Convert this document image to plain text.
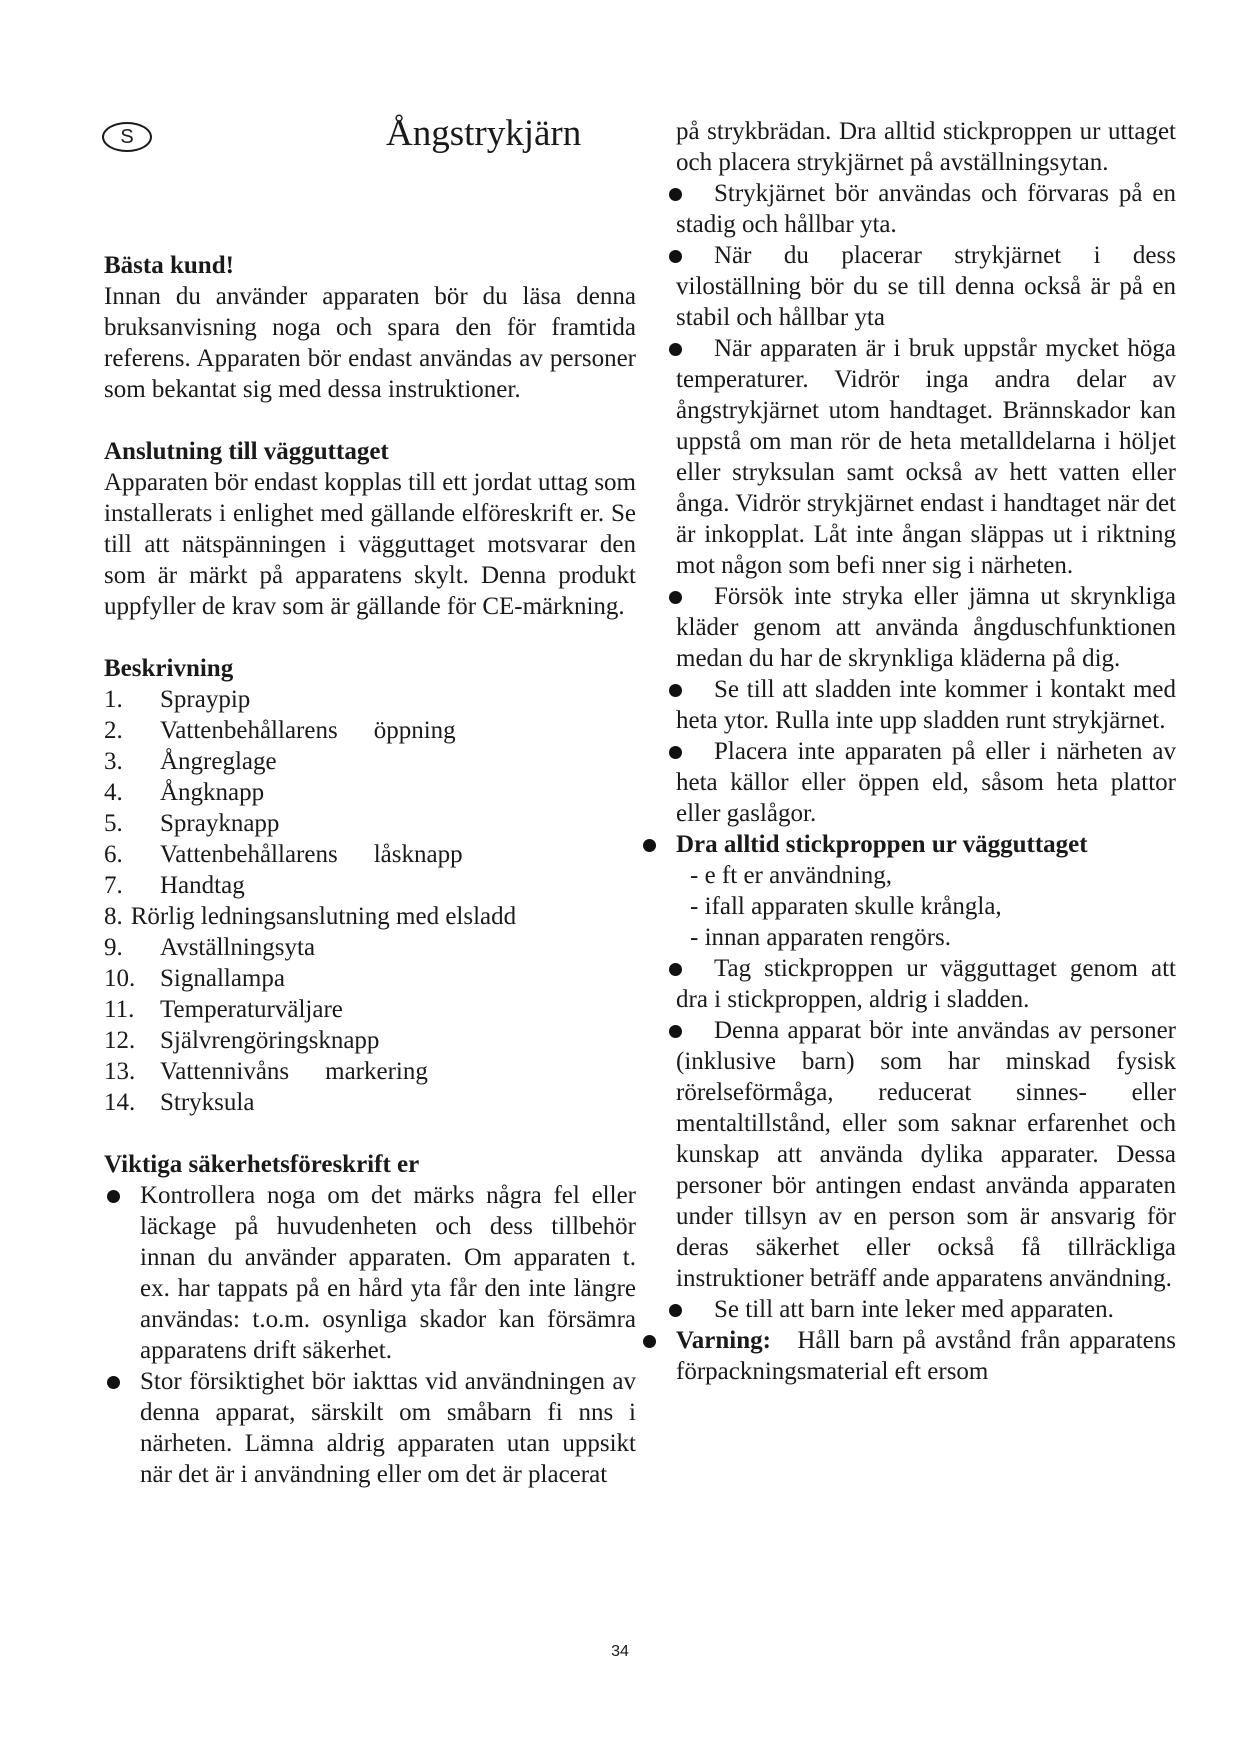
S	Ångstrykjärn
Bästa kund!

Innan du använder apparaten bör du läsa denna bruksanvisning noga och spara den för framtida referens. Apparaten bör endast användas av personer som bekantat sig med dessa instruktioner.

Anslutning till vägguttaget

Apparaten bör endast kopplas till ett jordat uttag som installerats i enlighet med gällande elföreskrift er. Se till att nätspänningen i vägguttaget motsvarar den som är märkt på apparatens skylt. Denna produkt uppfyller de krav som är gällande för CE-märkning.

Beskrivning
1.	Spraypip
2.	Vattenbehållarens öppning
3.	Ångreglage
4.	Ångknapp
5.	Sprayknapp
6.	Vattenbehållarens låsknapp
7.	Handtag
8. Rörlig ledningsanslutning med elsladd
9.	Avställningsyta
10. Signallampa
11.	Temperaturväljare
12. Självrengöringsknapp
13. Vattennivåns markering
14. Stryksula
Viktiga säkerhetsföreskrift er

Kontrollera noga om det märks några fel eller läckage på huvudenheten och dess tillbehör innan du använder apparaten. Om apparaten t. ex. har tappats på en hård yta får den inte längre användas: t.o.m. osynliga skador kan försämra apparatens drift säkerhet.

Stor försiktighet bör iakttas vid användningen av denna apparat, särskilt om småbarn fi nns i närheten. Lämna aldrig apparaten utan uppsikt när det är i användning eller om det är placerat

på strykbrädan. Dra alltid stickproppen ur uttaget och placera strykjärnet på avställningsytan.

Strykjärnet bör användas och förvaras på en stadig och hållbar yta.

När du placerar strykjärnet i dess viloställning bör du se till denna också är på en stabil och hållbar yta

När apparaten är i bruk uppstår mycket höga temperaturer. Vidrör inga andra delar av ångstrykjärnet utom handtaget. Brännskador kan uppstå om man rör de heta metalldelarna i höljet eller stryksulan samt också av hett vatten eller ånga. Vidrör strykjärnet endast i handtaget när det är inkopplat. Låt inte ångan släppas ut i riktning mot någon som befi nner sig i närheten.

Försök inte stryka eller jämna ut skrynkliga kläder genom att använda ångduschfunktionen medan du har de skrynkliga kläderna på dig.

Se till att sladden inte kommer i kontakt med heta ytor. Rulla inte upp sladden runt strykjärnet.

Placera inte apparaten på eller i närheten av heta källor eller öppen eld, såsom heta plattor eller gaslågor.

Dra alltid stickproppen ur vägguttaget

- e ft er användning,

- ifall apparaten skulle krångla,

- innan apparaten rengörs.

Tag stickproppen ur vägguttaget genom att dra i stickproppen, aldrig i sladden.

Denna apparat bör inte användas av personer (inklusive barn) som har minskad fysisk rörelseförmåga, reducerat sinnes- eller mentaltillstånd, eller som saknar erfarenhet och kunskap att använda dylika apparater. Dessa personer bör antingen endast använda apparaten under tillsyn av en person som är ansvarig för deras säkerhet eller också få tillräckliga instruktioner beträff ande apparatens användning.

Se till att barn inte leker med apparaten.

Varning: Håll barn på avstånd från apparatens förpackningsmaterial eft ersom

34
